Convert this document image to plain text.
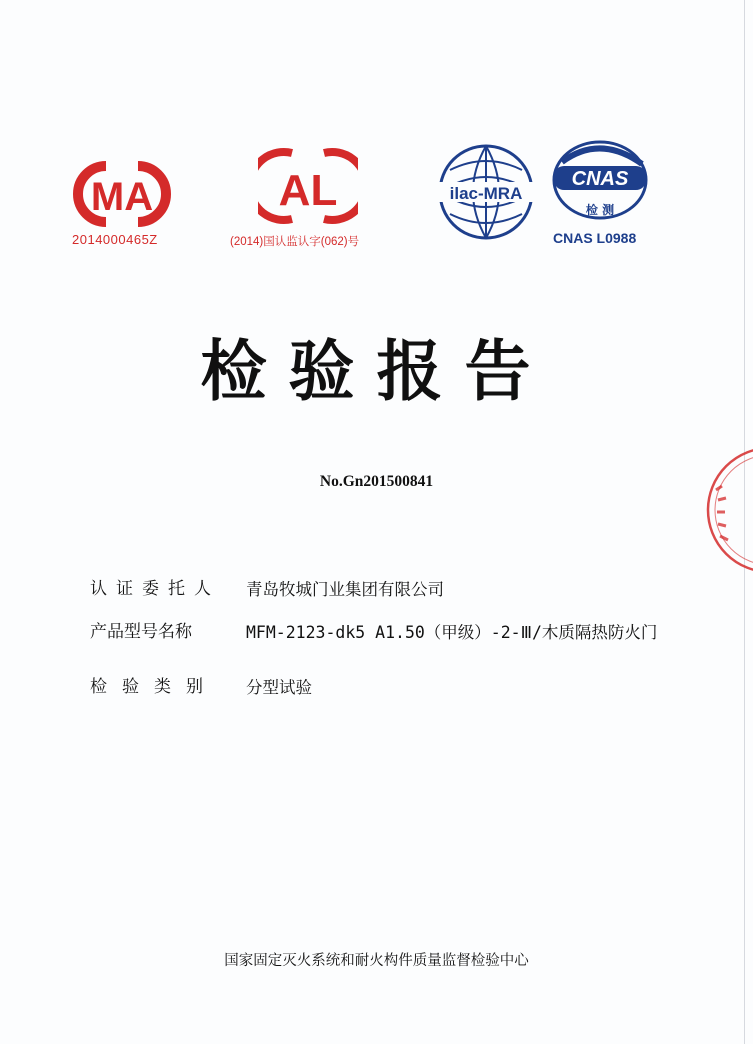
MA
2014000465Z
AL
(2014)国认监认字(062)号
ilac-MRA
CNAS
检 测
CNAS L0988
检验报告
No.Gn201500841
认证委托人	青岛牧城门业集团有限公司
产品型号名称	MFM-2123-dk5 A1.50（甲级）-2-Ⅲ/木质隔热防火门
检验类别	分型试验
国家固定灭火系统和耐火构件质量监督检验中心
